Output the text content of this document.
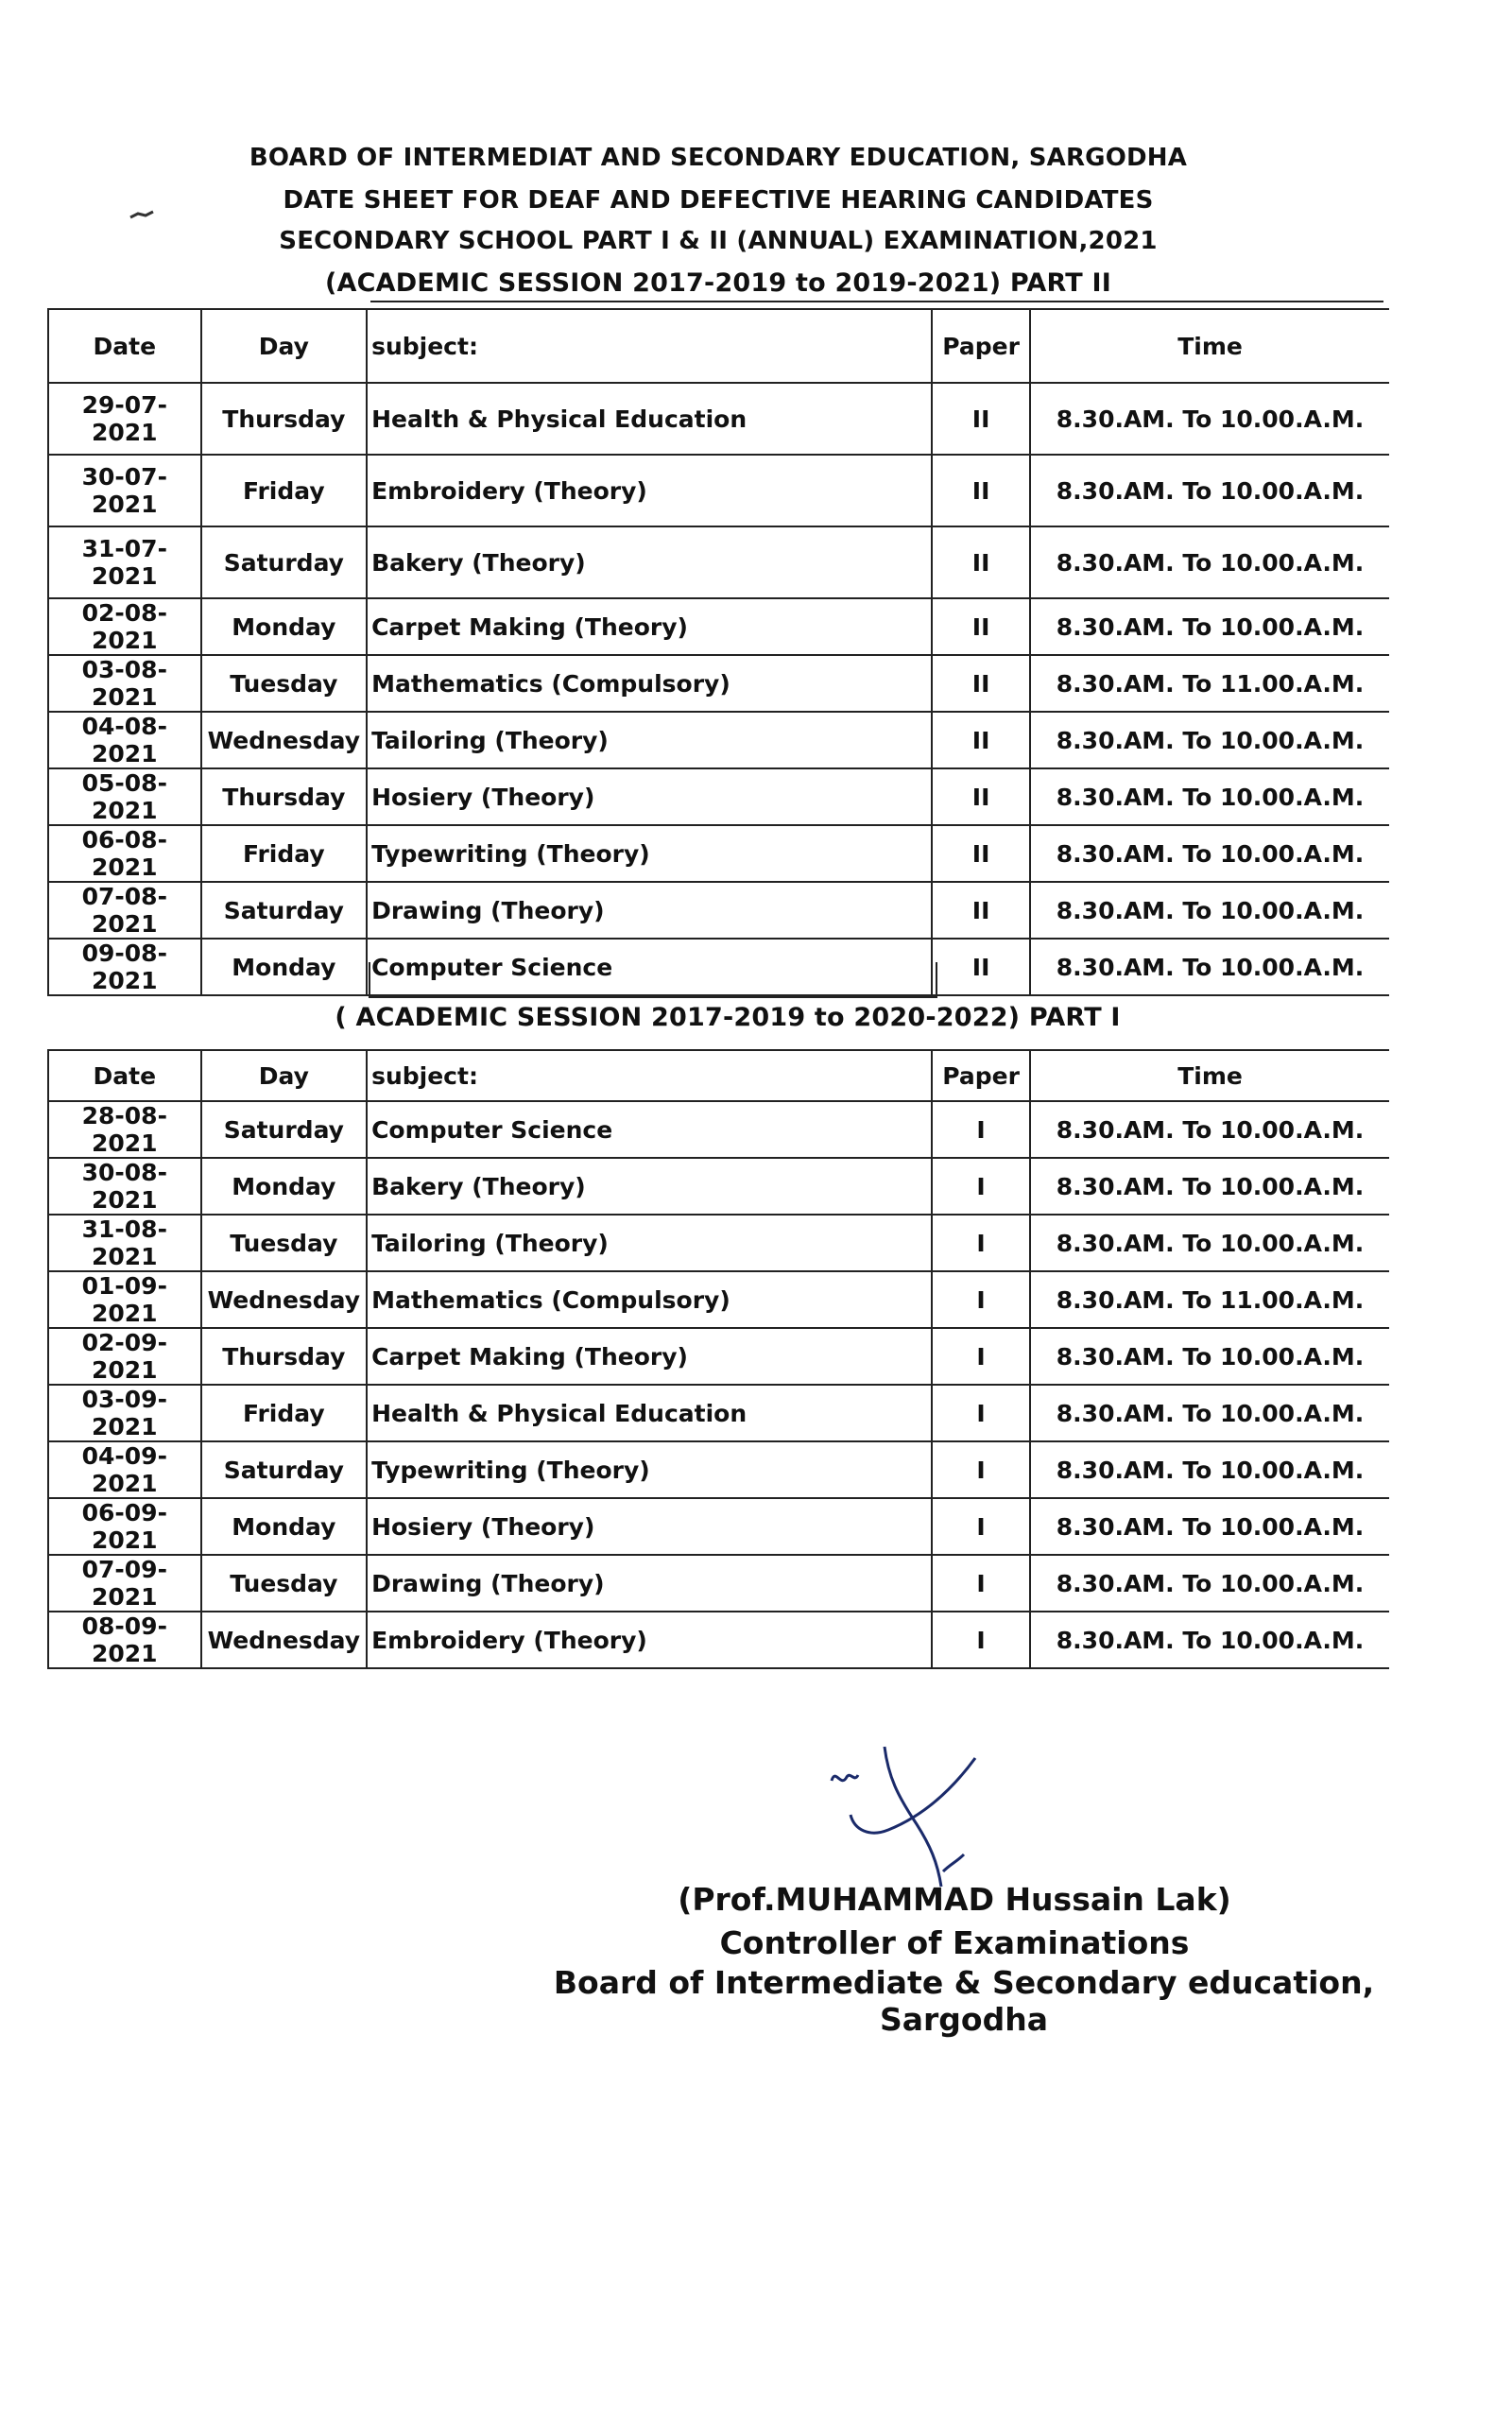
BOARD OF INTERMEDIAT AND SECONDARY EDUCATION, SARGODHA
DATE SHEET FOR DEAF AND DEFECTIVE HEARING CANDIDATES
SECONDARY SCHOOL PART I & II (ANNUAL) EXAMINATION,2021
(ACADEMIC SESSION 2017-2019 to 2019-2021) PART II
Date	Day	subject:	Paper	Time
29-07-2021	Thursday	Health & Physical Education	II	8.30.AM. To 10.00.A.M.
30-07-2021	Friday	Embroidery (Theory)	II	8.30.AM. To 10.00.A.M.
31-07-2021	Saturday	Bakery (Theory)	II	8.30.AM. To 10.00.A.M.
02-08-2021	Monday	Carpet Making (Theory)	II	8.30.AM. To 10.00.A.M.
03-08-2021	Tuesday	Mathematics (Compulsory)	II	8.30.AM. To 11.00.A.M.
04-08-2021	Wednesday	Tailoring (Theory)	II	8.30.AM. To 10.00.A.M.
05-08-2021	Thursday	Hosiery (Theory)	II	8.30.AM. To 10.00.A.M.
06-08-2021	Friday	Typewriting (Theory)	II	8.30.AM. To 10.00.A.M.
07-08-2021	Saturday	Drawing (Theory)	II	8.30.AM. To 10.00.A.M.
09-08-2021	Monday	Computer Science	II	8.30.AM. To 10.00.A.M.
( ACADEMIC SESSION 2017-2019 to 2020-2022) PART I
Date	Day	subject:	Paper	Time
28-08-2021	Saturday	Computer Science	I	8.30.AM. To 10.00.A.M.
30-08-2021	Monday	Bakery (Theory)	I	8.30.AM. To 10.00.A.M.
31-08-2021	Tuesday	Tailoring (Theory)	I	8.30.AM. To 10.00.A.M.
01-09-2021	Wednesday	Mathematics (Compulsory)	I	8.30.AM. To 11.00.A.M.
02-09-2021	Thursday	Carpet Making (Theory)	I	8.30.AM. To 10.00.A.M.
03-09-2021	Friday	Health & Physical Education	I	8.30.AM. To 10.00.A.M.
04-09-2021	Saturday	Typewriting (Theory)	I	8.30.AM. To 10.00.A.M.
06-09-2021	Monday	Hosiery (Theory)	I	8.30.AM. To 10.00.A.M.
07-09-2021	Tuesday	Drawing (Theory)	I	8.30.AM. To 10.00.A.M.
08-09-2021	Wednesday	Embroidery (Theory)	I	8.30.AM. To 10.00.A.M.
(Prof.MUHAMMAD Hussain Lak)
Controller of Examinations
Board of Intermediate & Secondary education, Sargodha
